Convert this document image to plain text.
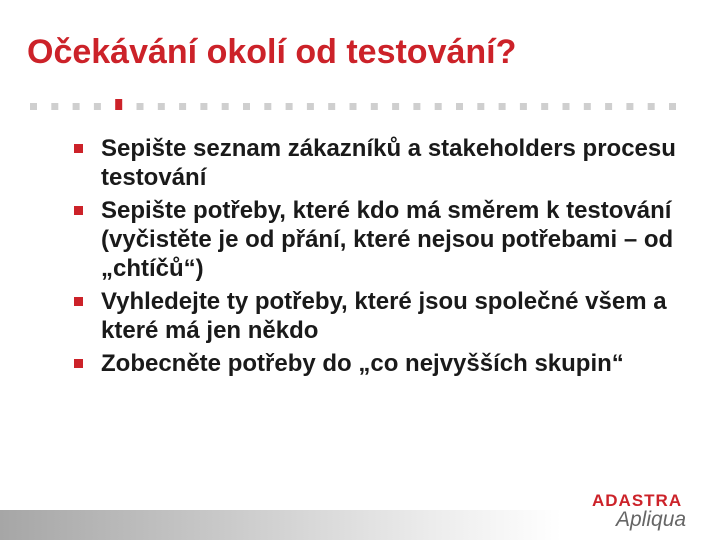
Očekávání okolí od testování?
Sepište seznam zákazníků a stakeholders procesu testování
Sepište potřeby, které kdo má směrem k testování (vyčistěte je od přání, které nejsou potřebami – od „chtíčů“)
Vyhledejte ty potřeby, které jsou společné všem a které má jen někdo
Zobecněte potřeby do „co nejvyšších skupin“
ADASTRA
Apliqua
